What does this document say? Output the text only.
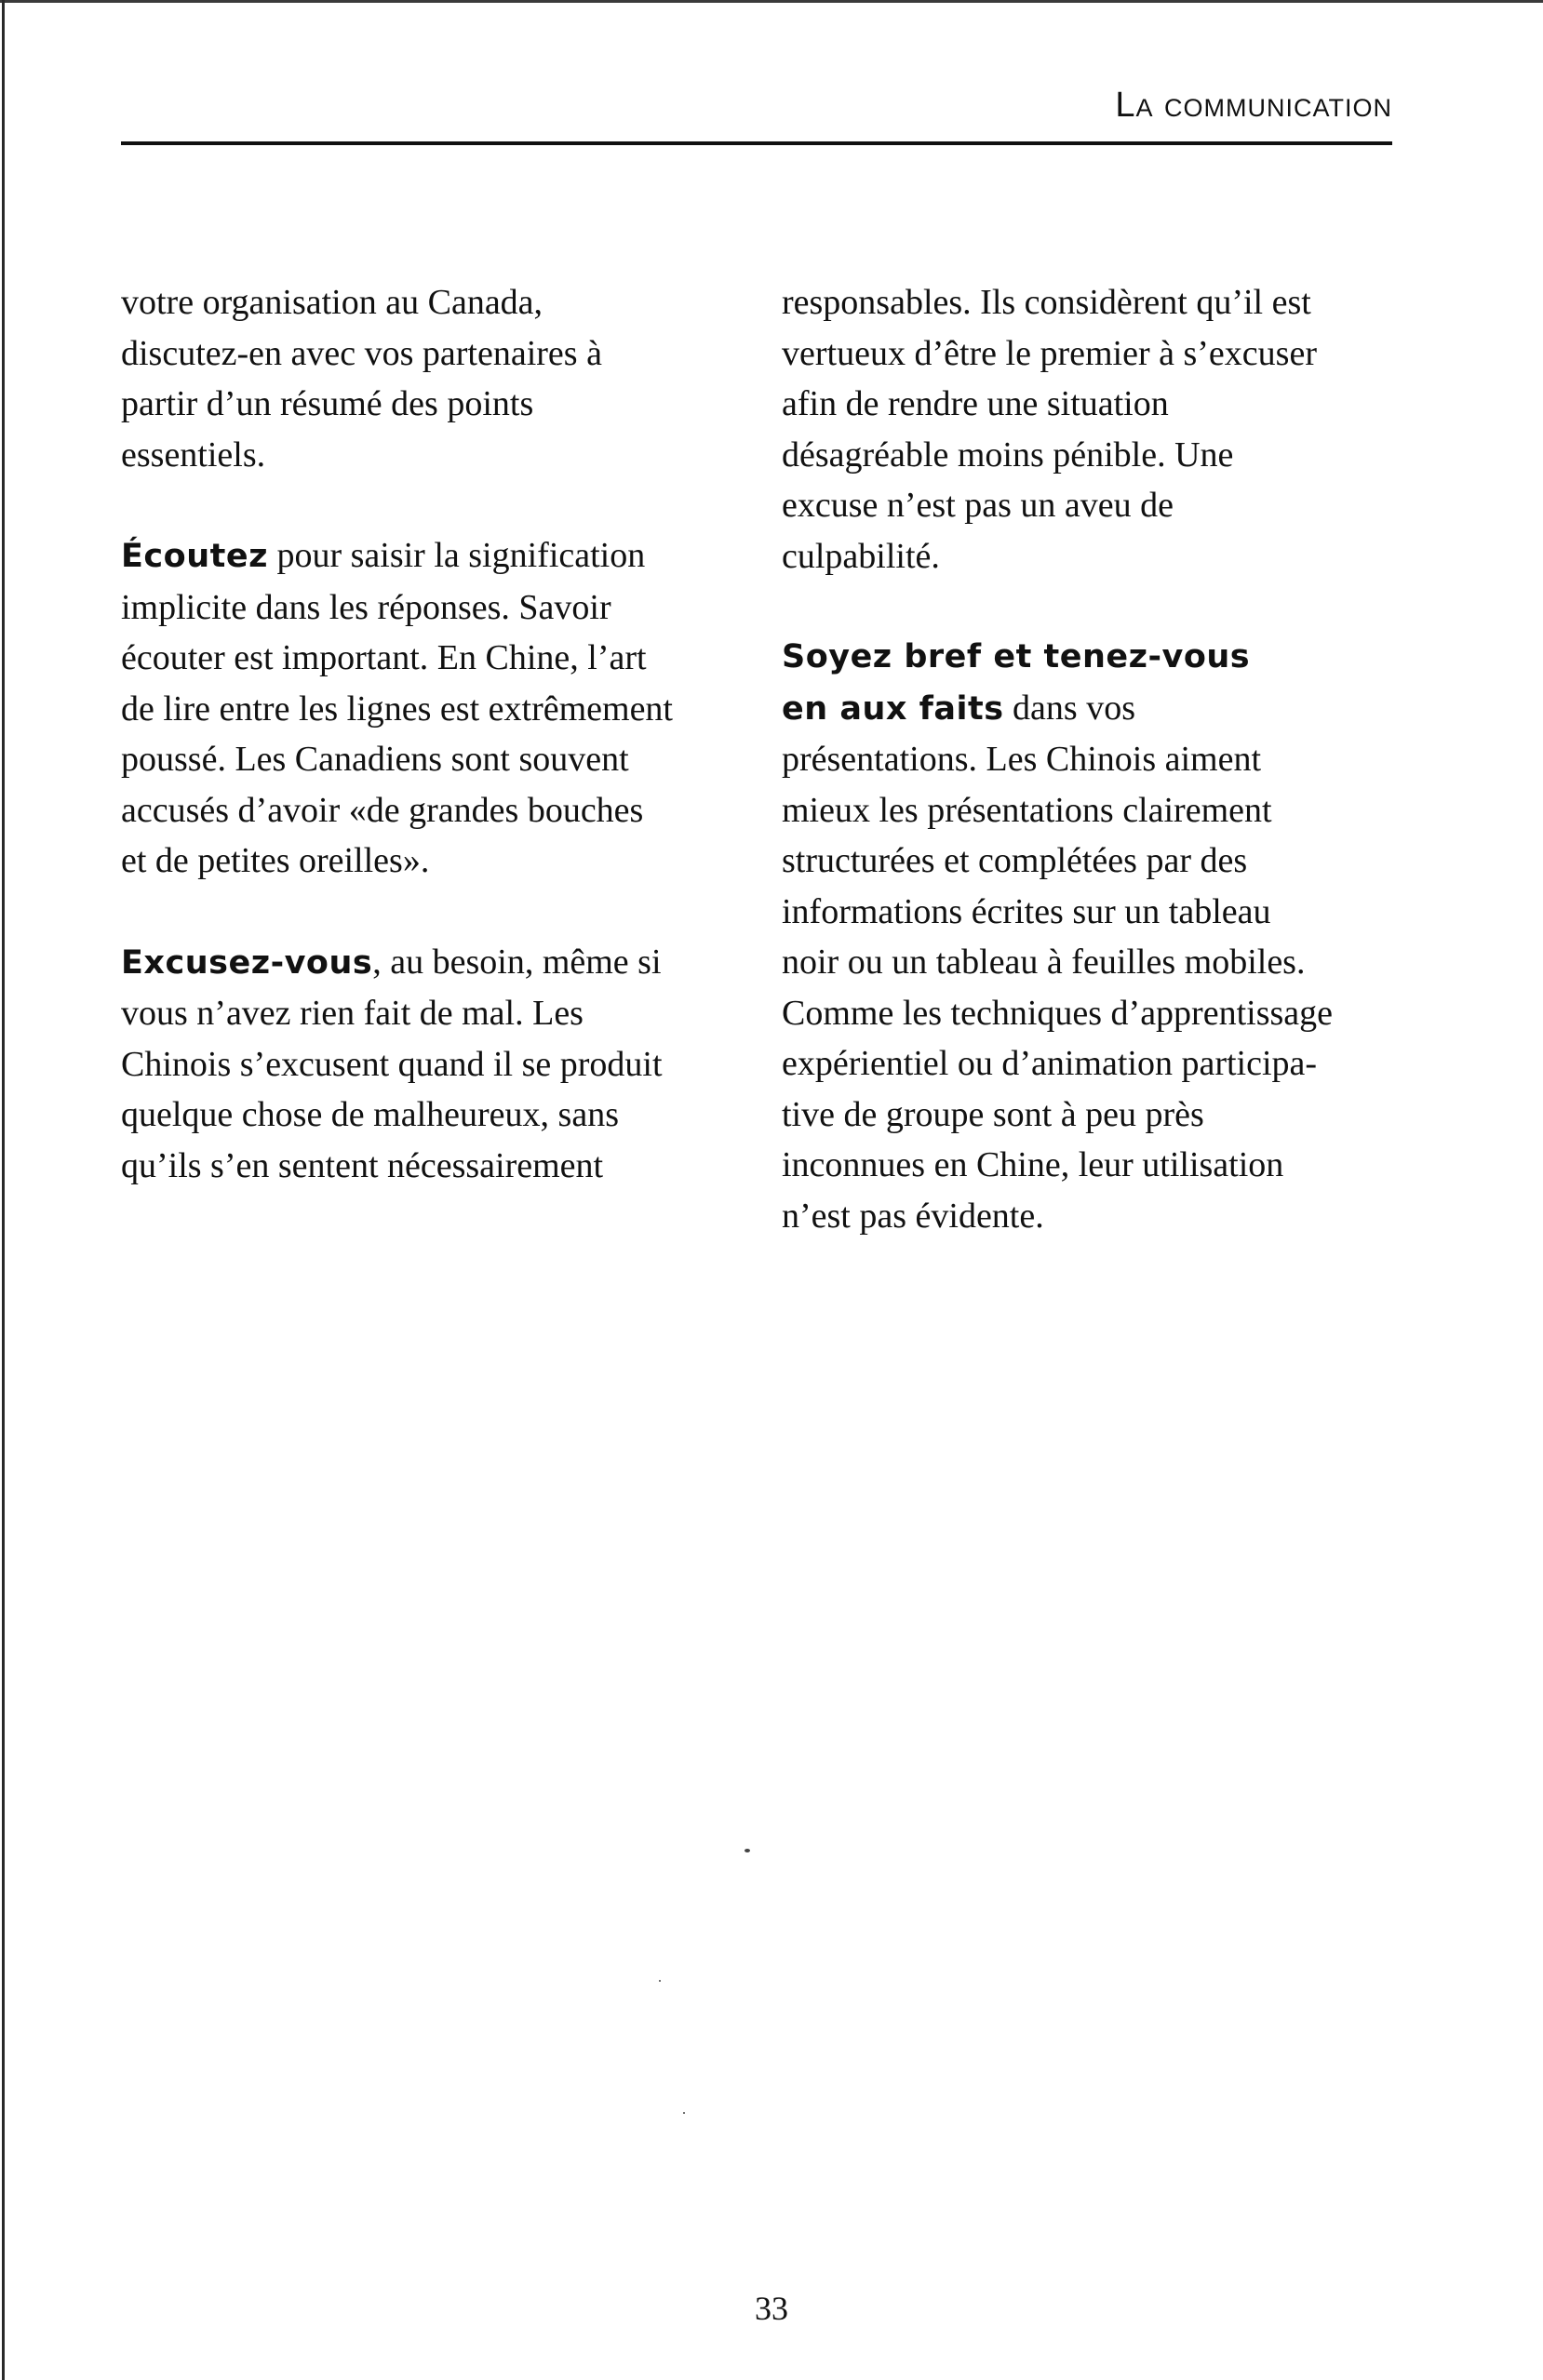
La communication
votre organisation au Canada,
discutez-en avec vos partenaires à
partir d’un résumé des points
essentiels.
Écoutez pour saisir la signification
implicite dans les réponses. Savoir
écouter est important. En Chine, l’art
de lire entre les lignes est extrêmement
poussé. Les Canadiens sont souvent
accusés d’avoir «de grandes bouches
et de petites oreilles».
Excusez-vous, au besoin, même si
vous n’avez rien fait de mal. Les
Chinois s’excusent quand il se produit
quelque chose de malheureux, sans
qu’ils s’en sentent nécessairement
responsables. Ils considèrent qu’il est
vertueux d’être le premier à s’excuser
afin de rendre une situation
désagréable moins pénible. Une
excuse n’est pas un aveu de
culpabilité.
Soyez bref et tenez-vous
en aux faits dans vos
présentations. Les Chinois aiment
mieux les présentations clairement
structurées et complétées par des
informations écrites sur un tableau
noir ou un tableau à feuilles mobiles.
Comme les techniques d’apprentissage
expérientiel ou d’animation participa-
tive de groupe sont à peu près
inconnues en Chine, leur utilisation
n’est pas évidente.
33
